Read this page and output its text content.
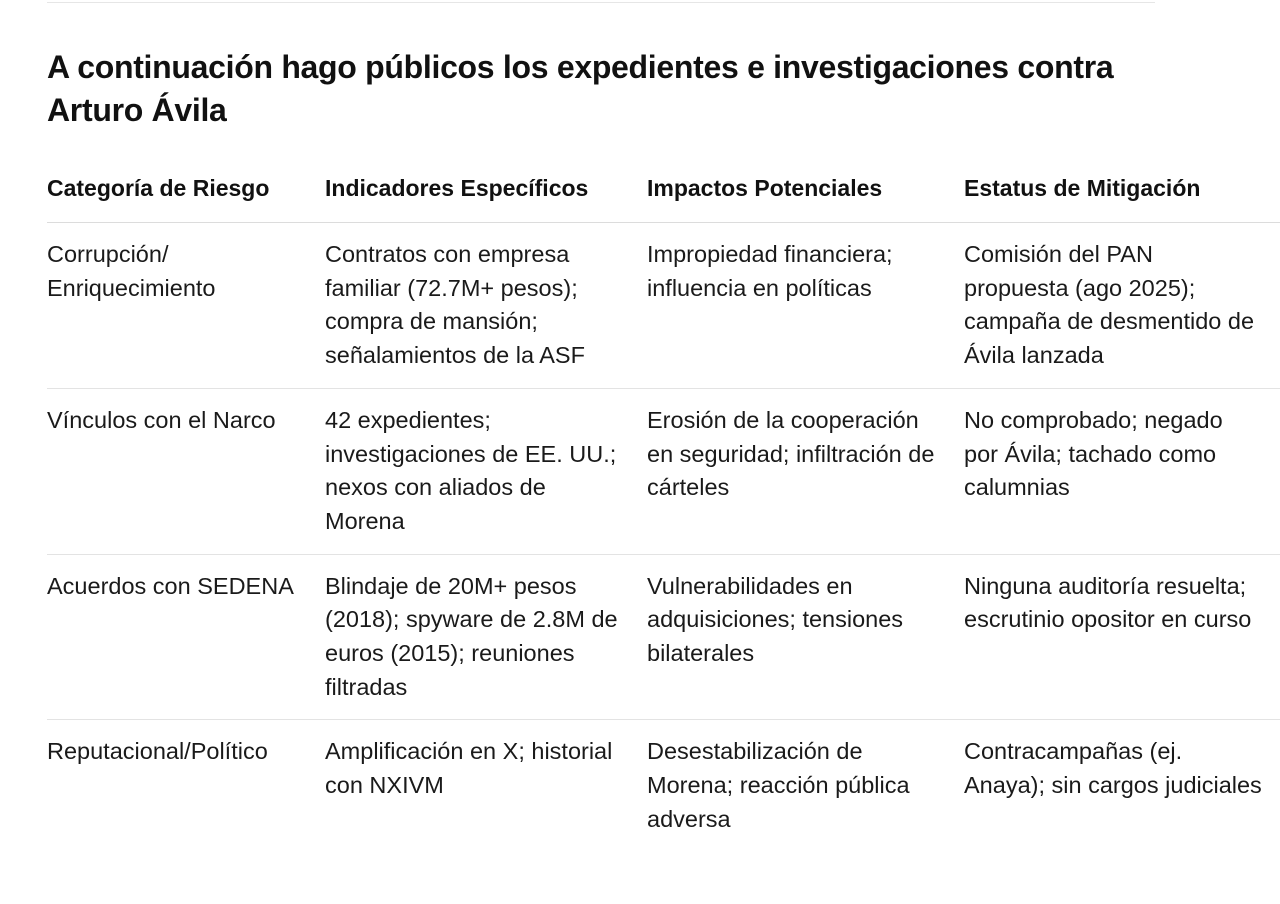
A continuación hago públicos los expedientes e investigaciones contra Arturo Ávila
Categoría de Riesgo	Indicadores Específicos	Impactos Potenciales	Estatus de Mitigación
Corrupción/ Enriquecimiento	Contratos con empresa familiar (72.7M+ pesos); compra de mansión; señalamientos de la ASF	Impropiedad financiera; influencia en políticas	Comisión del PAN propuesta (ago 2025); campaña de desmentido de Ávila lanzada
Vínculos con el Narco	42 expedientes; investigaciones de EE. UU.; nexos con aliados de Morena	Erosión de la cooperación en seguridad; infiltración de cárteles	No comprobado; negado por Ávila; tachado como calumnias
Acuerdos con SEDENA	Blindaje de 20M+ pesos (2018); spyware de 2.8M de euros (2015); reuniones filtradas	Vulnerabilidades en adquisiciones; tensiones bilaterales	Ninguna auditoría resuelta; escrutinio opositor en curso
Reputacional/Político	Amplificación en X; historial con NXIVM	Desestabilización de Morena; reacción pública adversa	Contracampañas (ej. Anaya); sin cargos judiciales
